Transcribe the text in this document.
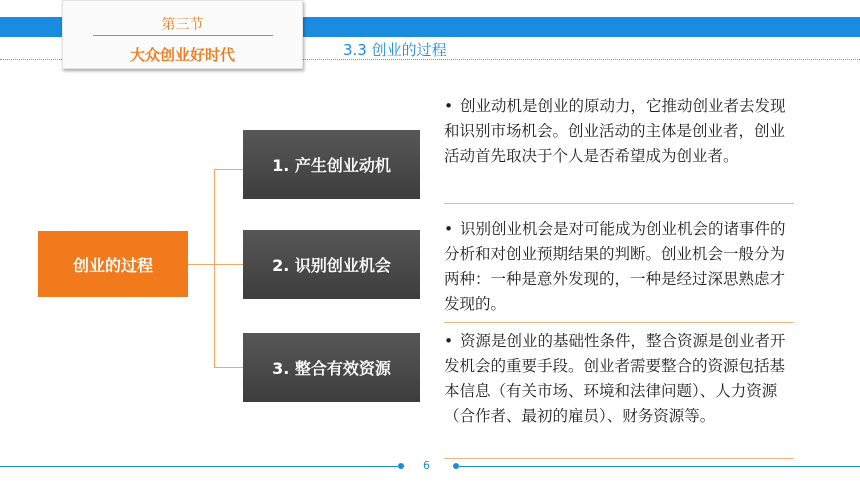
第三节
大众创业好时代	3.3 创业的过程
创业的过程
1. 产生创业动机
2. 识别创业机会
3. 整合有效资源
• 创业动机是创业的原动力，它推动创业者去发现和识别市场机会。创业活动的主体是创业者，创业活动首先取决于个人是否希望成为创业者。
• 识别创业机会是对可能成为创业机会的诸事件的分析和对创业预期结果的判断。创业机会一般分为两种：一种是意外发现的，一种是经过深思熟虑才发现的。
• 资源是创业的基础性条件，整合资源是创业者开发机会的重要手段。创业者需要整合的资源包括基本信息（有关市场、环境和法律问题）、人力资源（合作者、最初的雇员）、财务资源等。
6
